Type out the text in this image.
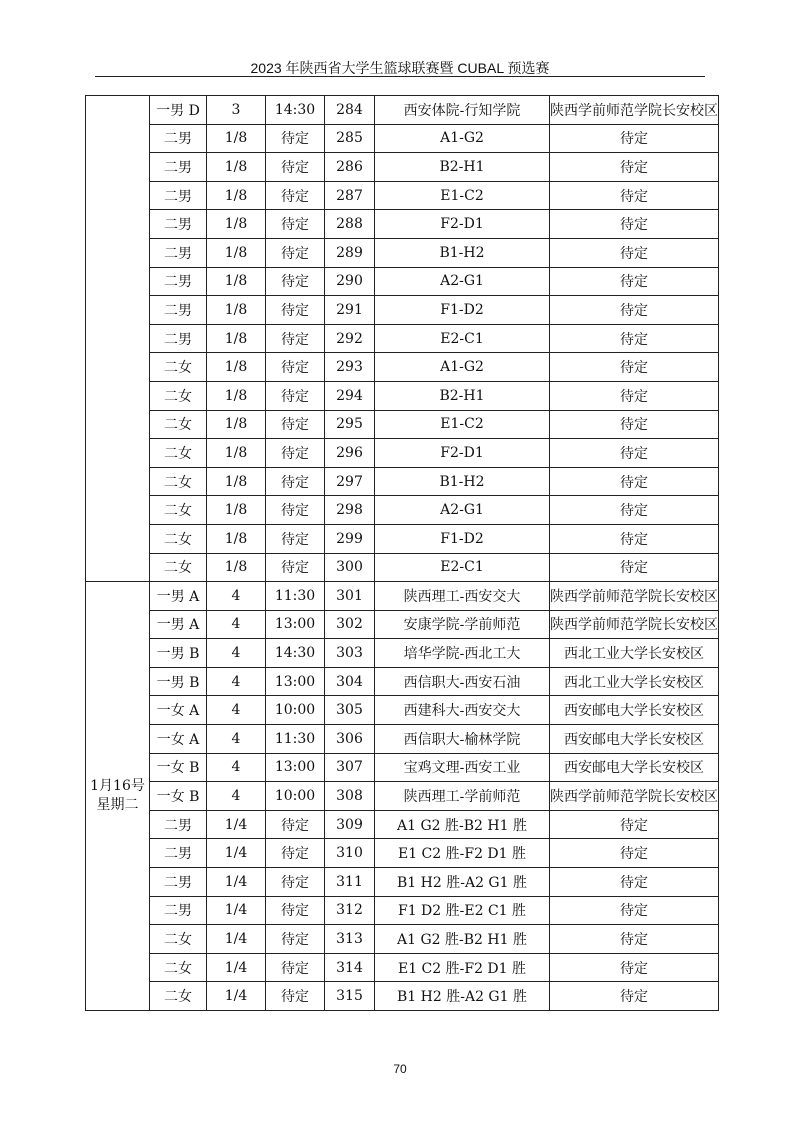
2023 年陕西省大学生篮球联赛暨 CUBAL 预选赛
	一男 D	3	14:30	284	西安体院-行知学院	陕西学前师范学院长安校区
	二男	1/8	待定	285	A1-G2	待定
	二男	1/8	待定	286	B2-H1	待定
	二男	1/8	待定	287	E1-C2	待定
	二男	1/8	待定	288	F2-D1	待定
	二男	1/8	待定	289	B1-H2	待定
	二男	1/8	待定	290	A2-G1	待定
	二男	1/8	待定	291	F1-D2	待定
	二男	1/8	待定	292	E2-C1	待定
	二女	1/8	待定	293	A1-G2	待定
	二女	1/8	待定	294	B2-H1	待定
	二女	1/8	待定	295	E1-C2	待定
	二女	1/8	待定	296	F2-D1	待定
	二女	1/8	待定	297	B1-H2	待定
	二女	1/8	待定	298	A2-G1	待定
	二女	1/8	待定	299	F1-D2	待定
	二女	1/8	待定	300	E2-C1	待定

1月16号
星期二	一男 A	4	11:30	301	陕西理工-西安交大	陕西学前师范学院长安校区
	一男 A	4	13:00	302	安康学院-学前师范	陕西学前师范学院长安校区
	一男 B	4	14:30	303	培华学院-西北工大	西北工业大学长安校区
	一男 B	4	13:00	304	西信职大-西安石油	西北工业大学长安校区
	一女 A	4	10:00	305	西建科大-西安交大	西安邮电大学长安校区
	一女 A	4	11:30	306	西信职大-榆林学院	西安邮电大学长安校区
	一女 B	4	13:00	307	宝鸡文理-西安工业	西安邮电大学长安校区
	一女 B	4	10:00	308	陕西理工-学前师范	陕西学前师范学院长安校区
	二男	1/4	待定	309	A1 G2 胜-B2 H1 胜	待定
	二男	1/4	待定	310	E1 C2 胜-F2 D1 胜	待定
	二男	1/4	待定	311	B1 H2 胜-A2 G1 胜	待定
	二男	1/4	待定	312	F1 D2 胜-E2 C1 胜	待定
	二女	1/4	待定	313	A1 G2 胜-B2 H1 胜	待定
	二女	1/4	待定	314	E1 C2 胜-F2 D1 胜	待定
	二女	1/4	待定	315	B1 H2 胜-A2 G1 胜	待定
70
